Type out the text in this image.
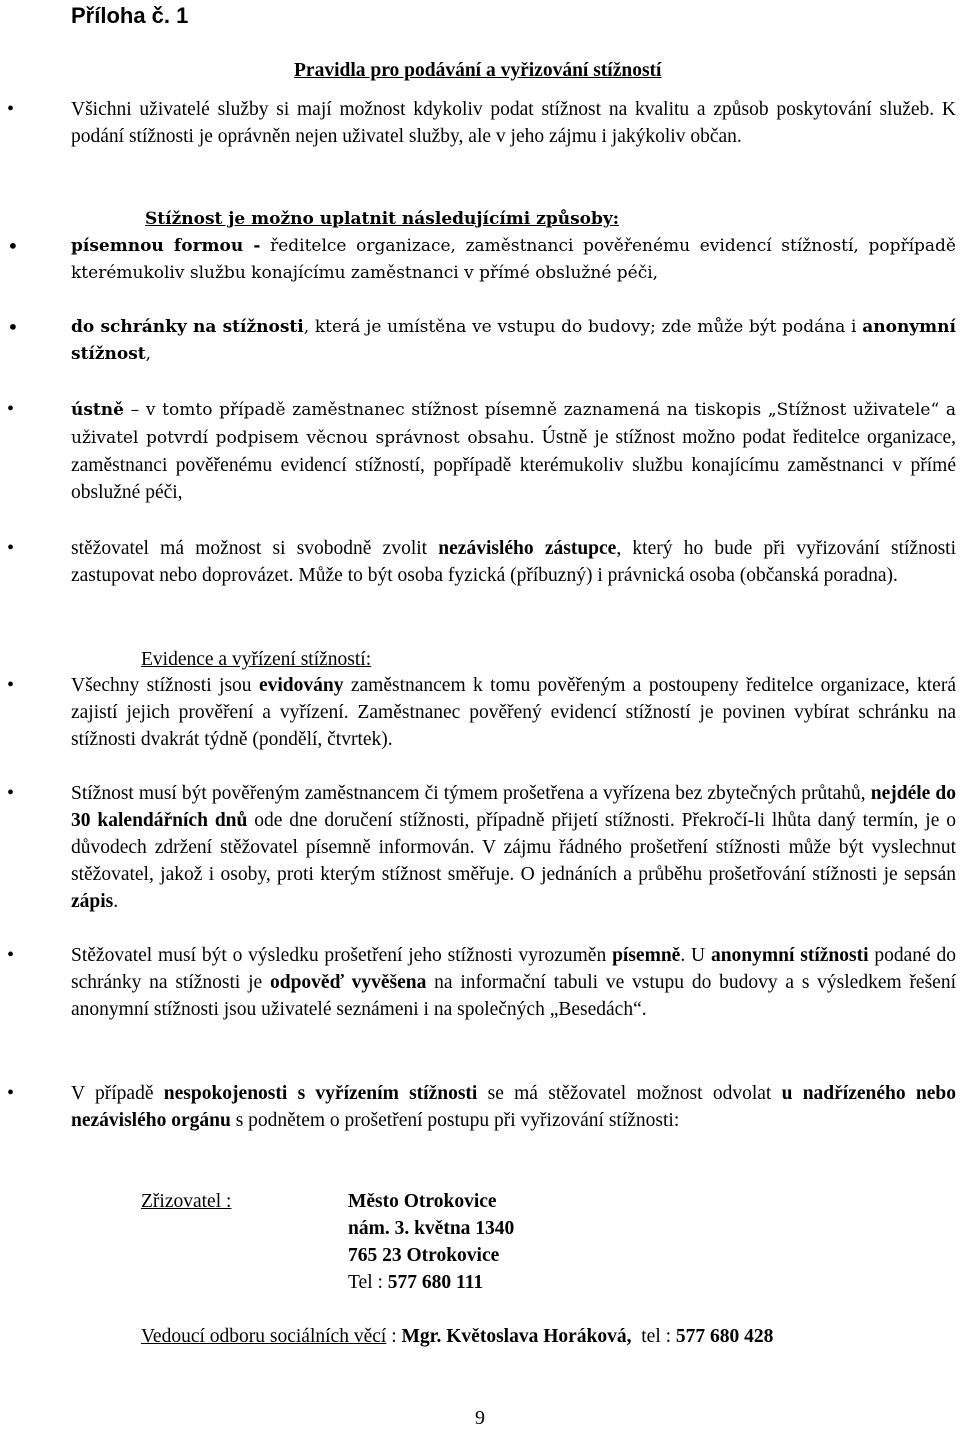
Příloha č. 1
Pravidla pro podávání a vyřizování stížností

• Všichni uživatelé služby si mají možnost kdykoliv podat stížnost na kvalitu a způsob poskytování služeb. K podání stížnosti je oprávněn nejen uživatel služby, ale v jeho zájmu i jakýkoliv občan.

Stížnost je možno uplatnit následujícími způsoby:

• písemnou formou - ředitelce organizace, zaměstnanci pověřenému evidencí stížností, popřípadě kterémukoliv službu konajícímu zaměstnanci v přímé obslužné péči,

• do schránky na stížnosti, která je umístěna ve vstupu do budovy; zde může být podána i anonymní stížnost,

• ústně – v tomto případě zaměstnanec stížnost písemně zaznamená na tiskopis „Stížnost uživatele“ a uživatel potvrdí podpisem věcnou správnost obsahu. Ústně je stížnost možno podat ředitelce organizace, zaměstnanci pověřenému evidencí stížností, popřípadě kterémukoliv službu konajícímu zaměstnanci v přímé obslužné péči,

• stěžovatel má možnost si svobodně zvolit nezávislého zástupce, který ho bude při vyřizování stížnosti zastupovat nebo doprovázet. Může to být osoba fyzická (příbuzný) i právnická osoba (občanská poradna).

Evidence a vyřízení stížností:

• Všechny stížnosti jsou evidovány zaměstnancem k tomu pověřeným a postoupeny ředitelce organizace, která zajistí jejich prověření a vyřízení. Zaměstnanec pověřený evidencí stížností je povinen vybírat schránku na stížnosti dvakrát týdně (pondělí, čtvrtek).

• Stížnost musí být pověřeným zaměstnancem či týmem prošetřena a vyřízena bez zbytečných průtahů, nejdéle do 30 kalendářních dnů ode dne doručení stížnosti, případně přijetí stížnosti. Překročí-li lhůta daný termín, je o důvodech zdržení stěžovatel písemně informován. V zájmu řádného prošetření stížnosti může být vyslechnut stěžovatel, jakož i osoby, proti kterým stížnost směřuje. O jednáních a průběhu prošetřování stížnosti je sepsán zápis.

• Stěžovatel musí být o výsledku prošetření jeho stížnosti vyrozuměn písemně. U anonymní stížnosti podané do schránky na stížnosti je odpověď vyvěšena na informační tabuli ve vstupu do budovy a s výsledkem řešení anonymní stížnosti jsou uživatelé seznámeni i na společných „Besedách“.

• V případě nespokojenosti s vyřízením stížnosti se má stěžovatel možnost odvolat u nadřízeného nebo nezávislého orgánu s podnětem o prošetření postupu při vyřizování stížnosti:

Zřizovatel :	Město Otrokovice
nám. 3. května 1340
765 23 Otrokovice
Tel : 577 680 111
Vedoucí odboru sociálních věcí : Mgr. Květoslava Horáková,  tel : 577 680 428
9
